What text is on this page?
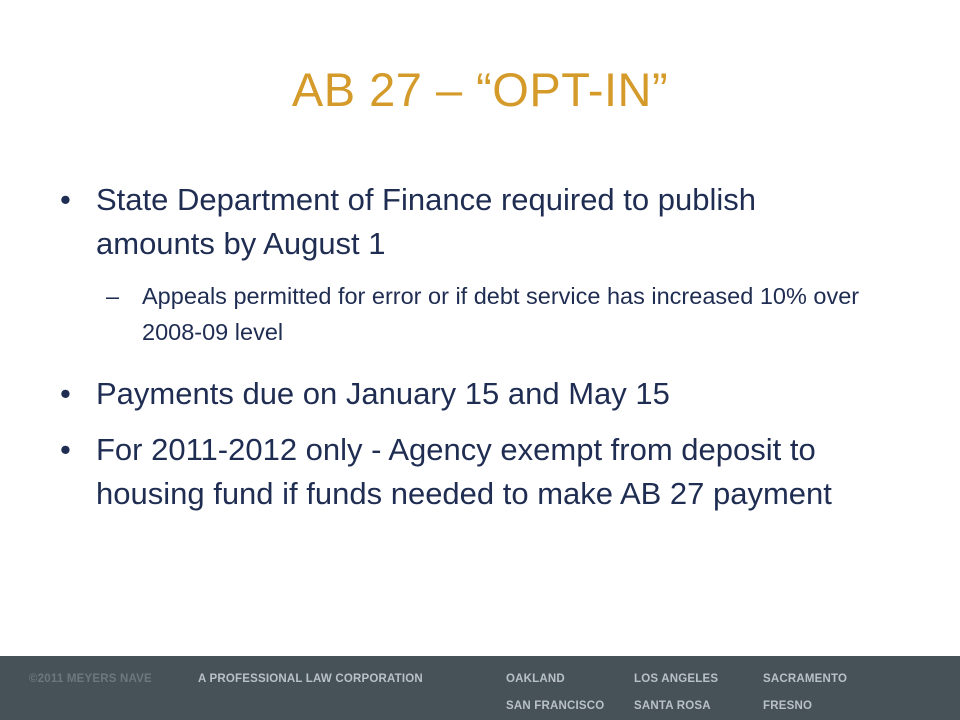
AB 27 – “OPT-IN”
• State Department of Finance required to publish amounts by August 1
– Appeals permitted for error or if debt service has increased 10% over 2008-09 level
• Payments due on January 15 and May 15
• For 2011-2012 only - Agency exempt from deposit to housing fund if funds needed to make AB 27 payment
©2011 MEYERS NAVE	A PROFESSIONAL LAW CORPORATION	OAKLAND	LOS ANGELES	SACRAMENTO
SAN FRANCISCO	SANTA ROSA	FRESNO
